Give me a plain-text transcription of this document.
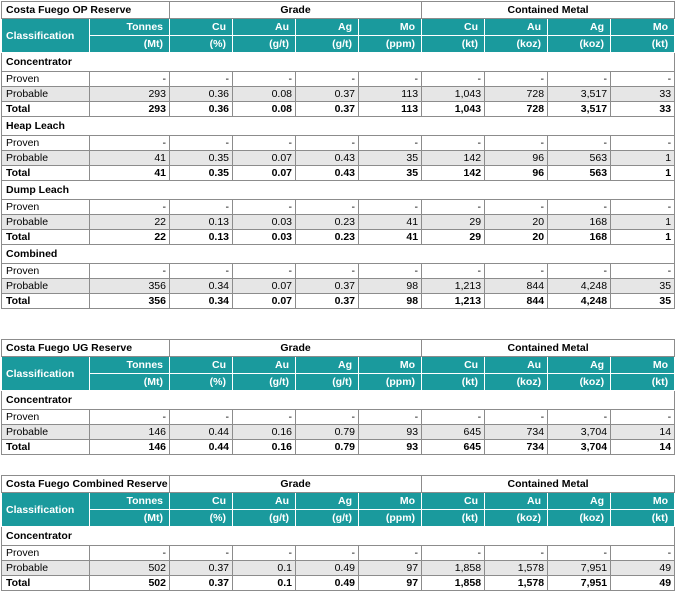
Costa Fuego OP Reserve		Grade				Contained Metal			
Classification	Tonnes	Cu	Au	Ag	Mo	Cu	Au	Ag	Mo
	(Mt)	(%)	(g/t)	(g/t)	(ppm)	(kt)	(koz)	(koz)	(kt)
Concentrator									
Proven	-	-	-	-	-	-	-	-	-
Probable	293	0.36	0.08	0.37	113	1,043	728	3,517	33
Total	293	0.36	0.08	0.37	113	1,043	728	3,517	33
Heap Leach									
Proven	-	-	-	-	-	-	-	-	-
Probable	41	0.35	0.07	0.43	35	142	96	563	1
Total	41	0.35	0.07	0.43	35	142	96	563	1
Dump Leach									
Proven	-	-	-	-	-	-	-	-	-
Probable	22	0.13	0.03	0.23	41	29	20	168	1
Total	22	0.13	0.03	0.23	41	29	20	168	1
Combined									
Proven	-	-	-	-	-	-	-	-	-
Probable	356	0.34	0.07	0.37	98	1,213	844	4,248	35
Total	356	0.34	0.07	0.37	98	1,213	844	4,248	35
Costa Fuego UG Reserve		Grade				Contained Metal			
Classification	Tonnes	Cu	Au	Ag	Mo	Cu	Au	Ag	Mo
	(Mt)	(%)	(g/t)	(g/t)	(ppm)	(kt)	(koz)	(koz)	(kt)
Concentrator									
Proven	-	-	-	-	-	-	-	-	-
Probable	146	0.44	0.16	0.79	93	645	734	3,704	14
Total	146	0.44	0.16	0.79	93	645	734	3,704	14
Costa Fuego Combined Reserve		Grade				Contained Metal			
Classification	Tonnes	Cu	Au	Ag	Mo	Cu	Au	Ag	Mo
	(Mt)	(%)	(g/t)	(g/t)	(ppm)	(kt)	(koz)	(koz)	(kt)
Concentrator									
Proven	-	-	-	-	-	-	-	-	-
Probable	502	0.37	0.1	0.49	97	1,858	1,578	7,951	49
Total	502	0.37	0.1	0.49	97	1,858	1,578	7,951	49
